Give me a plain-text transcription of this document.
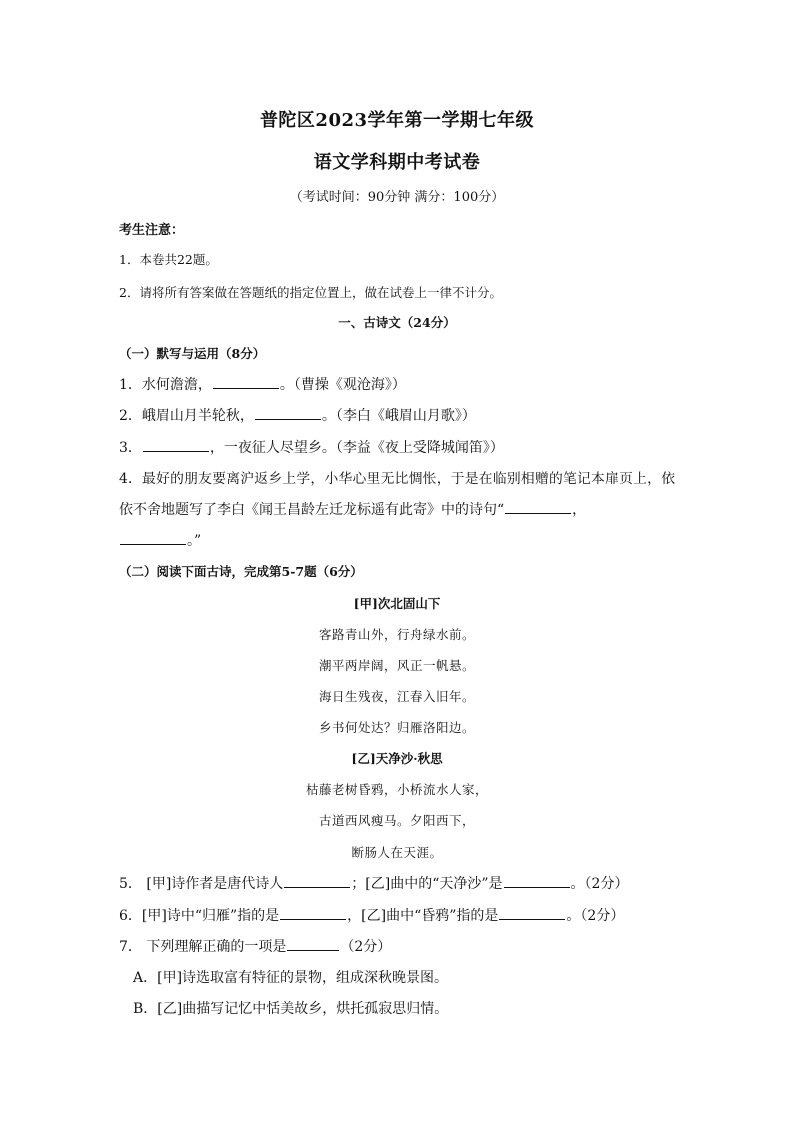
普陀区2023学年第一学期七年级
语文学科期中考试卷
（考试时间：90分钟 满分：100分）
考生注意：
1．本卷共22题。
2．请将所有答案做在答题纸的指定位置上，做在试卷上一律不计分。
一、古诗文（24分）
（一）默写与运用（8分）
1．水何澹澹，	。（曹操《观沧海》）
2．峨眉山月半轮秋，	。（李白《峨眉山月歌》）
3．	，一夜征人尽望乡。（李益《夜上受降城闻笛》）
4．最好的朋友要离沪返乡上学，小华心里无比惆怅，于是在临别相赠的笔记本扉页上，依
依不舍地题写了李白《闻王昌龄左迁龙标遥有此寄》中的诗句“	，
。”
（二）阅读下面古诗，完成第5-7题（6分）
[甲]次北固山下
客路青山外，行舟绿水前。
潮平两岸阔，风正一帆悬。
海日生残夜，江春入旧年。
乡书何处达？归雁洛阳边。
[乙]天净沙·秋思
枯藤老树昏鸦，小桥流水人家，
古道西风瘦马。夕阳西下，
断肠人在天涯。
5． [甲]诗作者是唐代诗人	；[乙]曲中的“天净沙”是	。（2分）
6．[甲]诗中“归雁”指的是	，[乙]曲中“昏鸦”指的是	。（2分）
7． 下列理解正确的一项是	（2分）
A．[甲]诗选取富有特征的景物，组成深秋晚景图。
B．[乙]曲描写记忆中恬美故乡，烘托孤寂思归情。
